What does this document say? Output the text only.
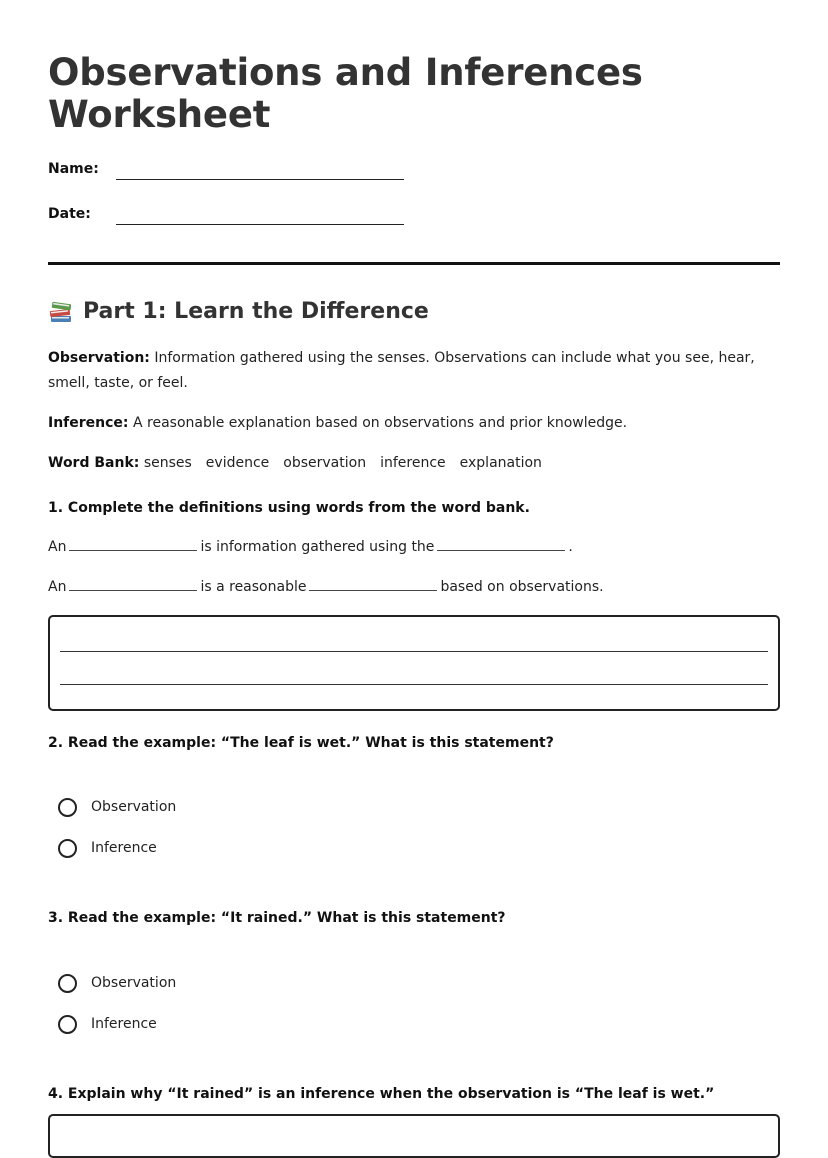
Observations and Inferences Worksheet
Name:
Date:
Part 1: Learn the Difference

Observation: Information gathered using the senses. Observations can include what you see, hear, smell, taste, or feel.

Inference: A reasonable explanation based on observations and prior knowledge.

Word Bank: senses evidence observation inference explanation

1. Complete the definitions using words from the word bank.

An	is information gathered using the	.

An	is a reasonable	based on observations.

2. Read the example: “The leaf is wet.” What is this statement?

Observation
Inference

3. Read the example: “It rained.” What is this statement?

Observation
Inference

4. Explain why “It rained” is an inference when the observation is “The leaf is wet.”
